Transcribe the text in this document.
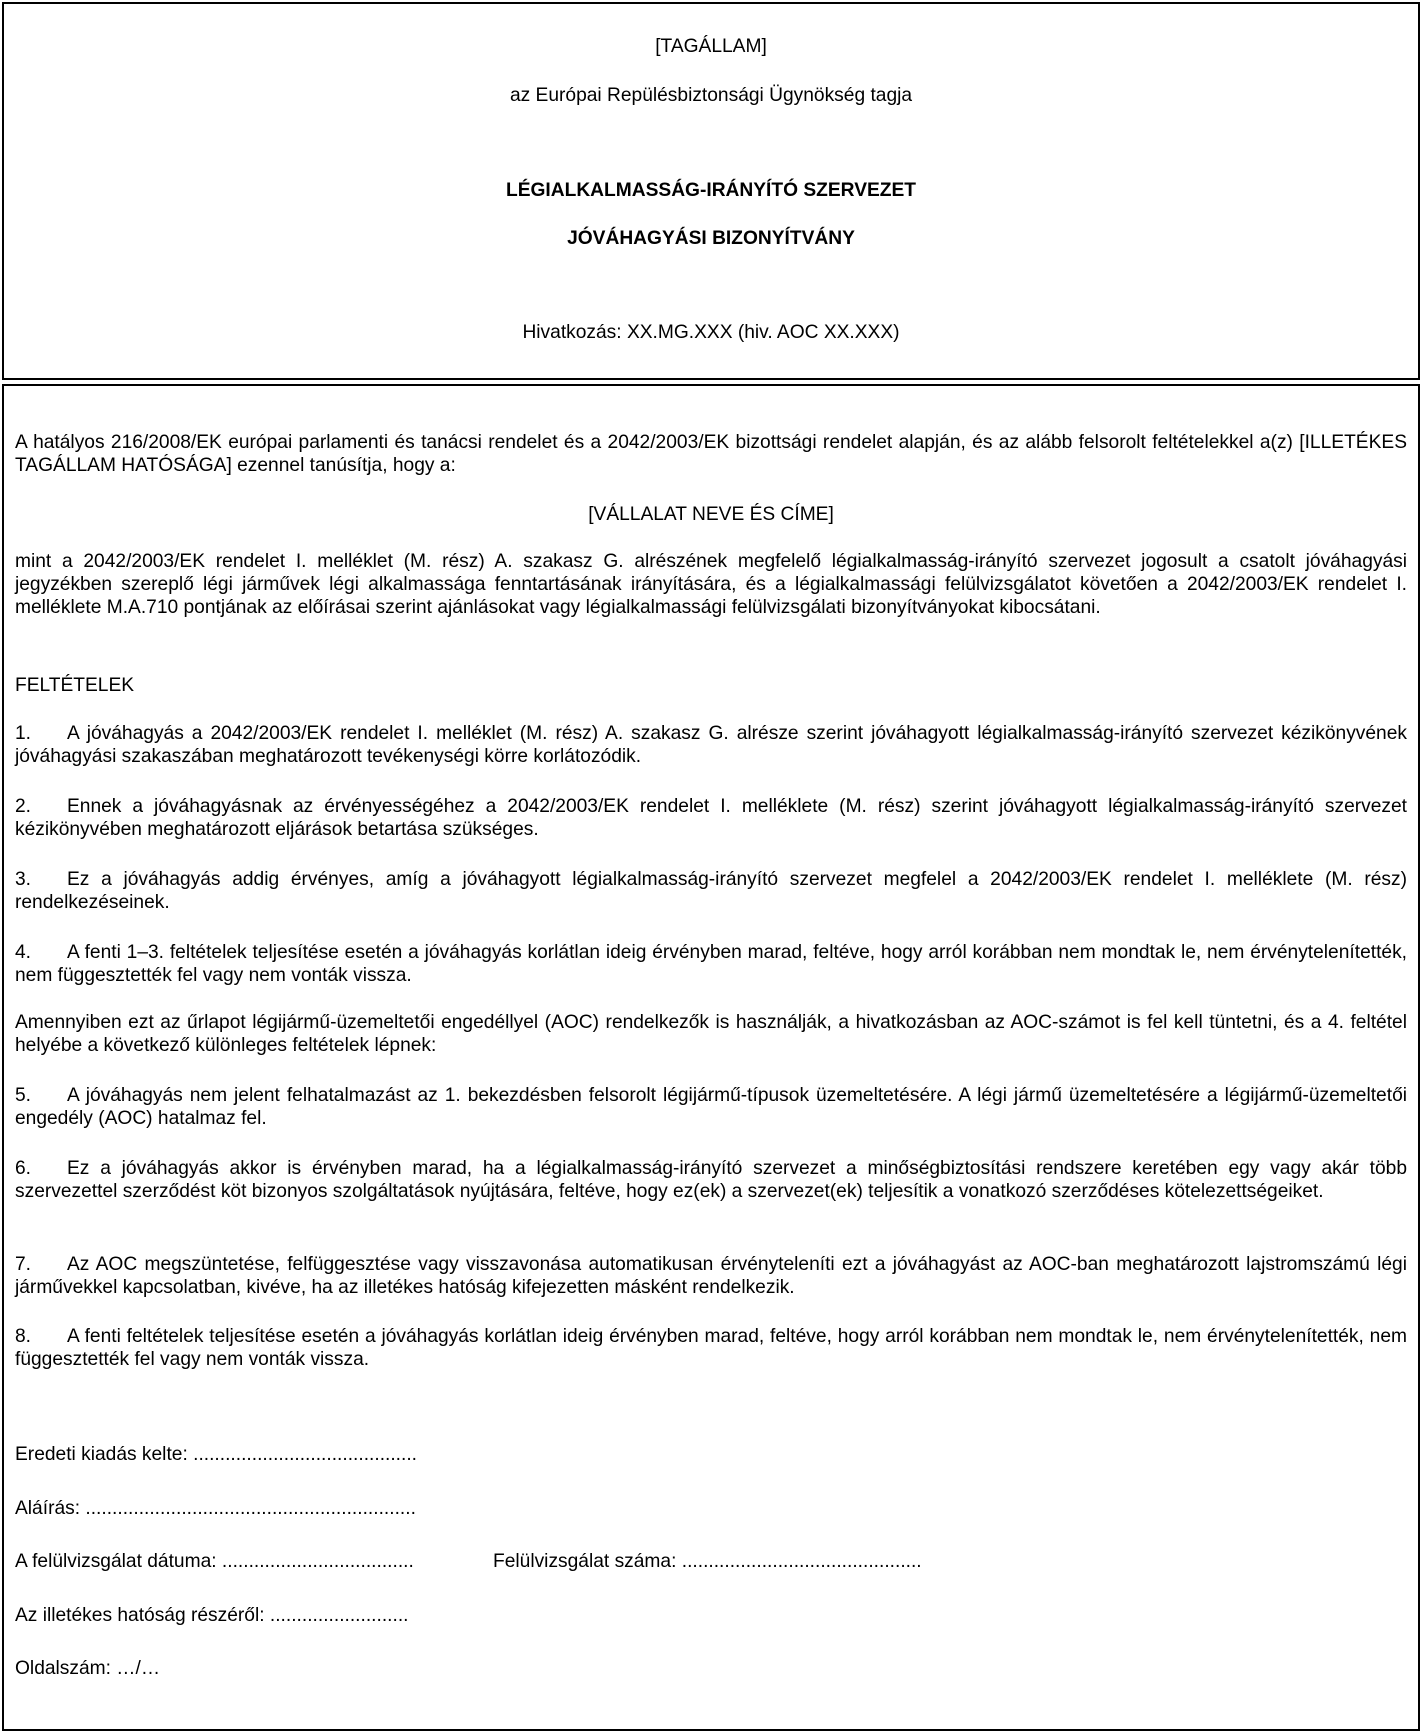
[TAGÁLLAM]

az Európai Repülésbiztonsági Ügynökség tagja

LÉGIALKALMASSÁG-IRÁNYÍTÓ SZERVEZET

JÓVÁHAGYÁSI BIZONYÍTVÁNY

Hivatkozás: XX.MG.XXX (hiv. AOC XX.XXX)

A hatályos 216/2008/EK európai parlamenti és tanácsi rendelet és a 2042/2003/EK bizottsági rendelet alapján, és az alább felsorolt feltételekkel a(z) [ILLETÉKES TAGÁLLAM HATÓSÁGA] ezennel tanúsítja, hogy a:

[VÁLLALAT NEVE ÉS CÍME]

mint a 2042/2003/EK rendelet I. melléklet (M. rész) A. szakasz G. alrészének megfelelő légialkalmasság-irányító szervezet jogosult a csatolt jóváhagyási jegyzékben szereplő légi járművek légi alkalmassága fenntartásának irányítására, és a légialkalmassági felülvizsgálatot követően a 2042/2003/EK rendelet I. melléklete M.A.710 pontjának az előírásai szerint ajánlásokat vagy légialkalmassági felülvizsgálati bizonyítványokat kibocsátani.

FELTÉTELEK

1. A jóváhagyás a 2042/2003/EK rendelet I. melléklet (M. rész) A. szakasz G. alrésze szerint jóváhagyott légialkalmasság-irányító szervezet kézikönyvének jóváhagyási szakaszában meghatározott tevékenységi körre korlátozódik.

2. Ennek a jóváhagyásnak az érvényességéhez a 2042/2003/EK rendelet I. melléklete (M. rész) szerint jóváhagyott légialkalmasság-irányító szervezet kézikönyvében meghatározott eljárások betartása szükséges.

3. Ez a jóváhagyás addig érvényes, amíg a jóváhagyott légialkalmasság-irányító szervezet megfelel a 2042/2003/EK rendelet I. melléklete (M. rész) rendelkezéseinek.

4. A fenti 1–3. feltételek teljesítése esetén a jóváhagyás korlátlan ideig érvényben marad, feltéve, hogy arról korábban nem mondtak le, nem érvénytelenítették, nem függesztették fel vagy nem vonták vissza.

Amennyiben ezt az űrlapot légijármű-üzemeltetői engedéllyel (AOC) rendelkezők is használják, a hivatkozásban az AOC-számot is fel kell tüntetni, és a 4. feltétel helyébe a következő különleges feltételek lépnek:

5. A jóváhagyás nem jelent felhatalmazást az 1. bekezdésben felsorolt légijármű-típusok üzemeltetésére. A légi jármű üzemeltetésére a légijármű-üzemeltetői engedély (AOC) hatalmaz fel.

6. Ez a jóváhagyás akkor is érvényben marad, ha a légialkalmasság-irányító szervezet a minőségbiztosítási rendszere keretében egy vagy akár több szervezettel szerződést köt bizonyos szolgáltatások nyújtására, feltéve, hogy ez(ek) a szervezet(ek) teljesítik a vonatkozó szerződéses kötelezettségeiket.

7. Az AOC megszüntetése, felfüggesztése vagy visszavonása automatikusan érvényteleníti ezt a jóváhagyást az AOC-ban meghatározott lajstromszámú légi járművekkel kapcsolatban, kivéve, ha az illetékes hatóság kifejezetten másként rendelkezik.

8. A fenti feltételek teljesítése esetén a jóváhagyás korlátlan ideig érvényben marad, feltéve, hogy arról korábban nem mondtak le, nem érvénytelenítették, nem függesztették fel vagy nem vonták vissza.

Eredeti kiadás kelte: ..........................................

Aláírás: ..............................................................

A felülvizsgálat dátuma: ....................................	Felülvizsgálat száma: .............................................

Az illetékes hatóság részéről: ..........................

Oldalszám: …/…
